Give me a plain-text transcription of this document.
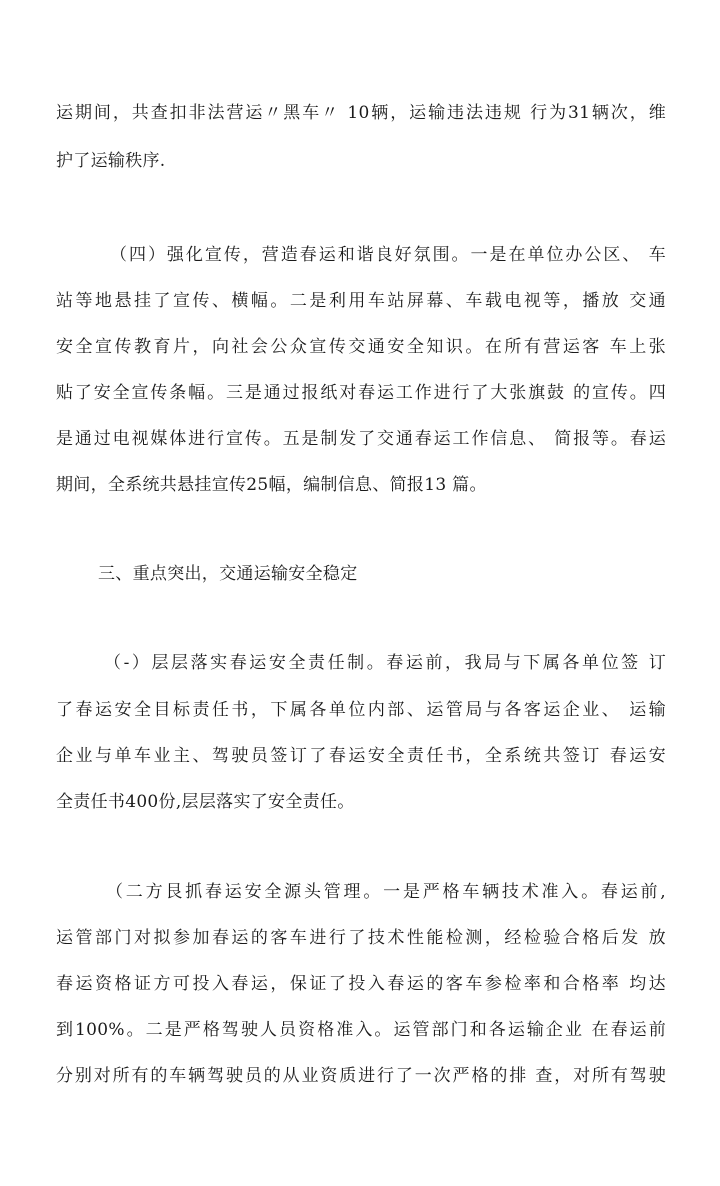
运期间，共查扣非法营运〃黑车〃 10辆，运输违法违规 行为31辆次，维
护了运输秩序.
（四）强化宣传，营造春运和谐良好氛围。一是在单位办公区、 车
站等地悬挂了宣传、横幅。二是利用车站屏幕、车载电视等，播放 交通
安全宣传教育片，向社会公众宣传交通安全知识。在所有营运客 车上张
贴了安全宣传条幅。三是通过报纸对春运工作进行了大张旗鼓 的宣传。四
是通过电视媒体进行宣传。五是制发了交通春运工作信息、 简报等。春运
期间，全系统共悬挂宣传25幅，编制信息、简报13 篇。
三、重点突出，交通运输安全稳定
（-）层层落实春运安全责任制。春运前，我局与下属各单位签 订
了春运安全目标责任书，下属各单位内部、运管局与各客运企业、 运输
企业与单车业主、驾驶员签订了春运安全责任书，全系统共签订 春运安
全责任书400份,层层落实了安全责任。
（二方艮抓春运安全源头管理。一是严格车辆技术准入。春运前,
运管部门对拟参加春运的客车进行了技术性能检测，经检验合格后发 放
春运资格证方可投入春运，保证了投入春运的客车参检率和合格率 均达
到100%。二是严格驾驶人员资格准入。运管部门和各运输企业 在春运前
分别对所有的车辆驾驶员的从业资质进行了一次严格的排 查，对所有驾驶
